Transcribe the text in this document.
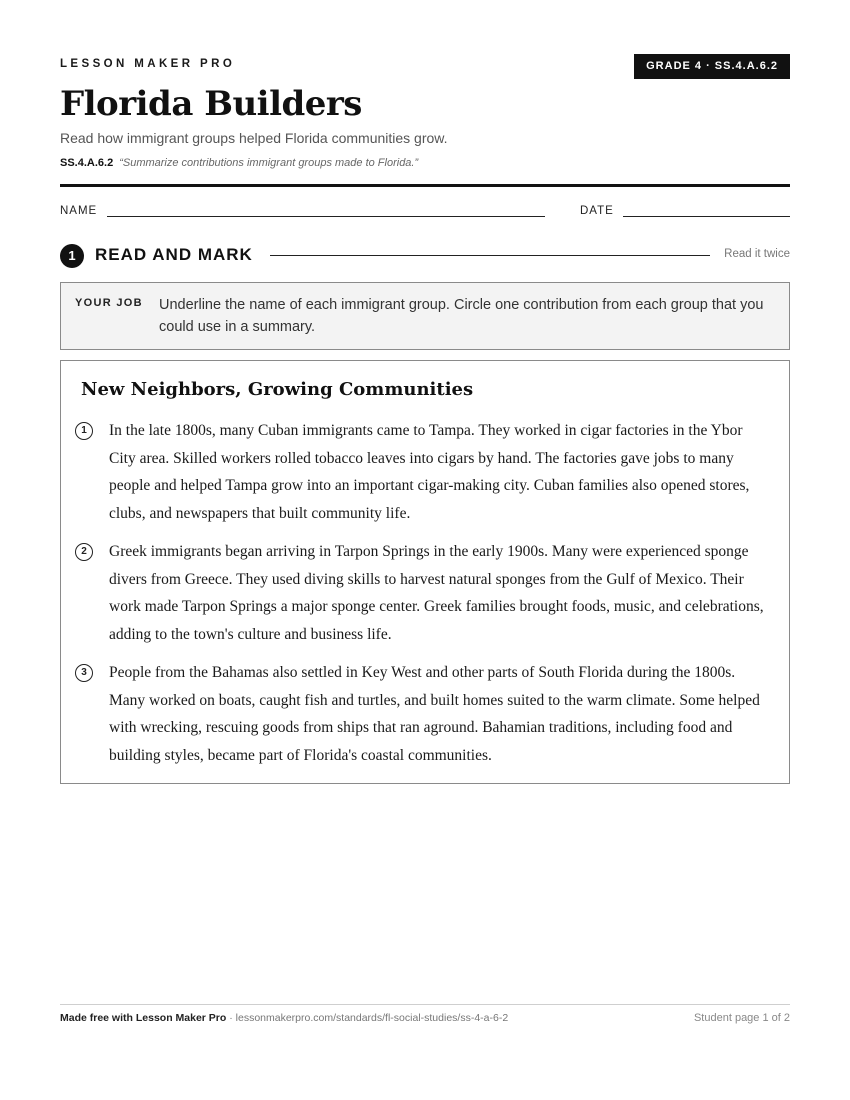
LESSON MAKER PRO	GRADE 4 · SS.4.A.6.2
Florida Builders
Read how immigrant groups helped Florida communities grow.
SS.4.A.6.2 “Summarize contributions immigrant groups made to Florida.”
NAME	DATE
1	READ AND MARK	Read it twice
YOUR JOB Underline the name of each immigrant group. Circle one contribution from each group that you could use in a summary.
New Neighbors, Growing Communities
1	In the late 1800s, many Cuban immigrants came to Tampa. They worked in cigar factories in the Ybor City area. Skilled workers rolled tobacco leaves into cigars by hand. The factories gave jobs to many people and helped Tampa grow into an important cigar-making city. Cuban families also opened stores, clubs, and newspapers that built community life.
2	Greek immigrants began arriving in Tarpon Springs in the early 1900s. Many were experienced sponge divers from Greece. They used diving skills to harvest natural sponges from the Gulf of Mexico. Their work made Tarpon Springs a major sponge center. Greek families brought foods, music, and celebrations, adding to the town's culture and business life.
3	People from the Bahamas also settled in Key West and other parts of South Florida during the 1800s. Many worked on boats, caught fish and turtles, and built homes suited to the warm climate. Some helped with wrecking, rescuing goods from ships that ran aground. Bahamian traditions, including food and building styles, became part of Florida's coastal communities.
Made free with Lesson Maker Pro · lessonmakerpro.com/standards/fl-social-studies/ss-4-a-6-2	Student page 1 of 2
